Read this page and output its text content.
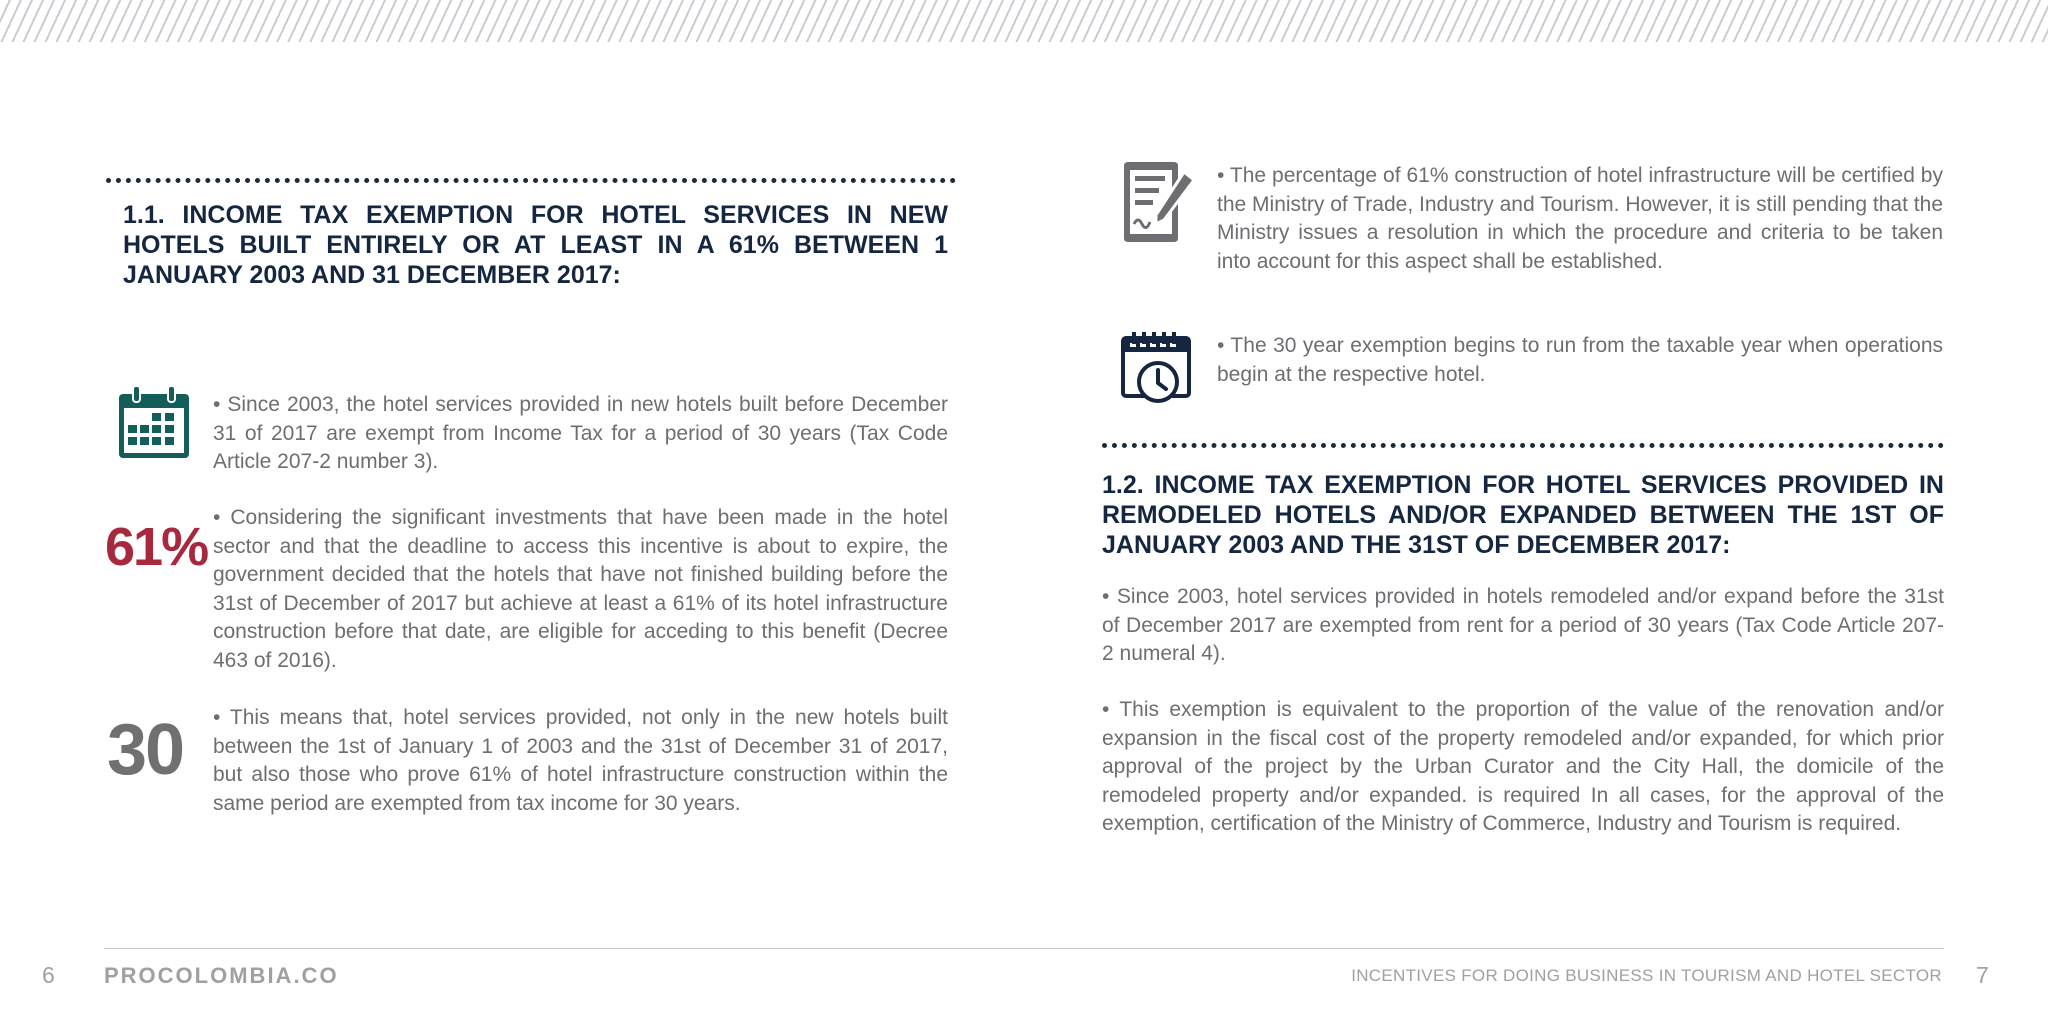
1.1. INCOME TAX EXEMPTION FOR HOTEL SERVICES IN NEW HOTELS BUILT ENTIRELY OR AT LEAST IN A 61% BETWEEN 1 JANUARY 2003 AND 31 DECEMBER 2017:

• Since 2003, the hotel services provided in new hotels built before December 31 of 2017 are exempt from Income Tax for a period of 30 years (Tax Code Article 207-2 number 3).

61% • Considering the significant investments that have been made in the hotel sector and that the deadline to access this incentive is about to expire, the government decided that the hotels that have not finished building before the 31st of December of 2017 but achieve at least a 61% of its hotel infrastructure construction before that date, are eligible for acceding to this benefit (Decree 463 of 2016).

30 • This means that, hotel services provided, not only in the new hotels built between the 1st of January 1 of 2003 and the 31st of December 31 of 2017, but also those who prove 61% of hotel infrastructure construction within the same period are exempted from tax income for 30 years.

• The percentage of 61% construction of hotel infrastructure will be certified by the Ministry of Trade, Industry and Tourism. However, it is still pending that the Ministry issues a resolution in which the procedure and criteria to be taken into account for this aspect shall be established.

• The 30 year exemption begins to run from the taxable year when operations begin at the respective hotel.

1.2. INCOME TAX EXEMPTION FOR HOTEL SERVICES PROVIDED IN REMODELED HOTELS AND/OR EXPANDED BETWEEN THE 1ST OF JANUARY 2003 AND THE 31ST OF DECEMBER 2017:

• Since 2003, hotel services provided in hotels remodeled and/or expand before the 31st of December 2017 are exempted from rent for a period of 30 years (Tax Code Article 207-2 numeral 4).

• This exemption is equivalent to the proportion of the value of the renovation and/or expansion in the fiscal cost of the property remodeled and/or expanded, for which prior approval of the project by the Urban Curator and the City Hall, the domicile of the remodeled property and/or expanded. is required In all cases, for the approval of the exemption, certification of the Ministry of Commerce, Industry and Tourism is required.

6 PROCOLOMBIA.CO	INCENTIVES FOR DOING BUSINESS IN TOURISM AND HOTEL SECTOR 7
